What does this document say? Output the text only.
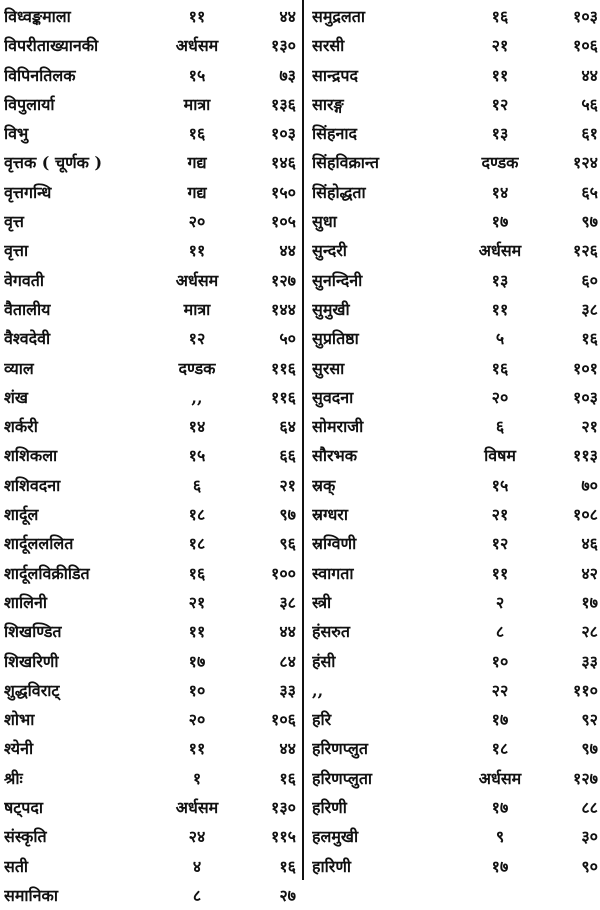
विध्वङ्कमाला	११	४४
विपरीताख्यानकी	अर्धसम	१३०
विपिनतिलक	१५	७३
विपुलार्या	मात्रा	१३६
विभु	१६	१०३
वृत्तक ( चूर्णक )	गद्य	१४६
वृत्तगन्धि	गद्य	१५०
वृत्त	२०	१०५
वृत्ता	११	४४
वेगवती	अर्धसम	१२७
वैतालीय	मात्रा	१४४
वैश्वदेवी	१२	५०
व्याल	दण्डक	११६
शंख	,,	११६
शर्करी	१४	६४
शशिकला	१५	६६
शशिवदना	६	२१
शार्दूल	१८	९७
शार्दूलललित	१८	९६
शार्दूलविक्रीडित	१६	१००
शालिनी	२१	३८
शिखण्डित	११	४४
शिखरिणी	१७	८४
शुद्धविराट्	१०	३३
शोभा	२०	१०६
श्येनी	११	४४
श्रीः	१	१६
षट्पदा	अर्धसम	१३०
संस्कृति	२४	११५
सती	४	१६
समानिका	८	२७
समुद्रलता	१६	१०३
सरसी	२१	१०६
सान्द्रपद	११	४४
सारङ्ग	१२	५६
सिंहनाद	१३	६१
सिंहविक्रान्त	दण्डक	१२४
सिंहोद्धता	१४	६५
सुधा	१७	९७
सुन्दरी	अर्धसम	१२६
सुनन्दिनी	१३	६०
सुमुखी	११	३८
सुप्रतिष्ठा	५	१६
सुरसा	१६	१०१
सुवदना	२०	१०३
सोमराजी	६	२१
सौरभक	विषम	११३
स्रक्	१५	७०
स्रग्धरा	२१	१०८
स्रग्विणी	१२	४६
स्वागता	११	४२
स्त्री	२	१७
हंसरुत	८	२८
हंसी	१०	३३
,,	२२	११०
हरि	१७	९२
हरिणप्लुत	१८	९७
हरिणप्लुता	अर्धसम	१२७
हरिणी	१७	८८
हलमुखी	९	३०
हारिणी	१७	९०
